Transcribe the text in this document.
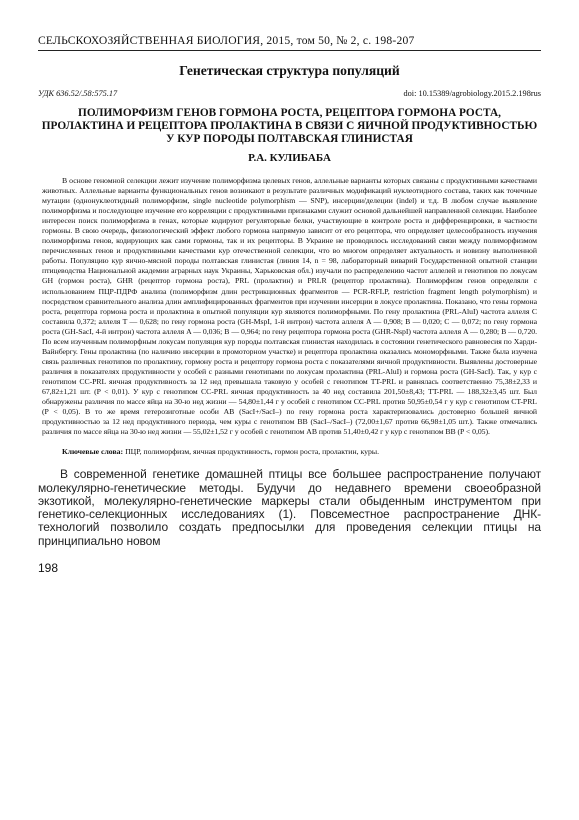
СЕЛЬСКОХОЗЯЙСТВЕННАЯ БИОЛОГИЯ, 2015, том 50, № 2, с. 198-207
Генетическая структура популяций
УДК 636.52/.58:575.17	doi: 10.15389/agrobiology.2015.2.198rus
ПОЛИМОРФИЗМ ГЕНОВ ГОРМОНА РОСТА, РЕЦЕПТОРА ГОРМОНА РОСТА, ПРОЛАКТИНА И РЕЦЕПТОРА ПРОЛАКТИНА В СВЯЗИ С ЯИЧНОЙ ПРОДУКТИВНОСТЬЮ У КУР ПОРОДЫ ПОЛТАВСКАЯ ГЛИНИСТАЯ
Р.А. КУЛИБАБА
В основе геномной селекции лежит изучение полиморфизма целевых генов, аллельные варианты которых связаны с продуктивными качествами животных. Аллельные варианты функциональных генов возникают в результате различных модификаций нуклеотидного состава, таких как точечные мутации (однонуклеотидный полиморфизм, single nucleotide polymorphism — SNP), инсерции/делеции (indel) и т.д. В любом случае выявление полиморфизма и последующее изучение его корреляции с продуктивными признаками служит основой дальнейшей направленной селекции. Наиболее интересен поиск полиморфизма в генах, которые кодируют регуляторные белки, участвующие в контроле роста и дифференцировки, в частности гормоны. В свою очередь, физиологический эффект любого гормона напрямую зависит от его рецептора, что определяет целесообразность изучения полиморфизма генов, кодирующих как сами гормоны, так и их рецепторы. В Украине не проводилось исследований связи между полиморфизмом перечисленных генов и продуктивными качествами кур отечественной селекции, что во многом определяет актуальность и новизну выполненной работы. Популяцию кур яично-мясной породы полтавская глинистая (линия 14, n = 98, лабораторный виварий Государственной опытной станции птицеводства Национальной академии аграрных наук Украины, Харьковская обл.) изучали по распределению частот аллелей и генотипов по локусам GH (гормон роста), GHR (рецептор гормона роста), PRL (пролактин) и PRLR (рецептор пролактина). Полиморфизм генов определяли с использованием ПЦР-ПДРФ анализа (полиморфизм длин рестрикционных фрагментов — PCR-RFLP, restriction fragment length polymorphism) и посредством сравнительного анализа длин амплифицированных фрагментов при изучении инсерции в локусе пролактина. Показано, что гены гормона роста, рецептора гормона роста и пролактина в опытной популяции кур являются полиморфными. По гену пролактина (PRL-AluI) частота аллеля C составила 0,372; аллеля T — 0,628; по гену гормона роста (GH-MspI, 1-й интрон) частота аллеля A — 0,908; B — 0,020; C — 0,072; по гену гормона роста (GH-SacI, 4-й интрон) частота аллеля A — 0,036; B — 0,964; по гену рецептора гормона роста (GHR-NspI) частота аллеля A — 0,280; B — 0,720. По всем изученным полиморфным локусам популяция кур породы полтавская глинистая находилась в состоянии генетического равновесия по Харди-Вайнбергу. Гены пролактина (по наличию инсерции в промоторном участке) и рецептора пролактина оказались мономорфными. Также была изучена связь различных генотипов по пролактину, гормону роста и рецептору гормона роста с показателями яичной продуктивности. Выявлены достоверные различия в показателях продуктивности у особей с разными генотипами по локусам пролактина (PRL-AluI) и гормона роста (GH-SacI). Так, у кур с генотипом CC-PRL яичная продуктивность за 12 нед превышала таковую у особей с генотипом TT-PRL и равнялась соответственно 75,38±2,33 и 67,82±1,21 шт. (P < 0,01). У кур с генотипом CC-PRL яичная продуктивность за 40 нед составила 201,50±8,43; TT-PRL — 188,32±3,45 шт. Был обнаружены различия по массе яйца на 30-ю нед жизни — 54,80±1,44 г у особей с генотипом CC-PRL против 50,95±0,54 г у кур с генотипом CT-PRL (P < 0,05). В то же время гетерозиготные особи AB (SacI+/SacI–) по гену гормона роста характеризовались достоверно большей яичной продуктивностью за 12 нед продуктивного периода, чем куры с генотипом BB (SacI–/SacI–) (72,00±1,67 против 66,98±1,05 шт.). Также отмечались различия по массе яйца на 30-ю нед жизни — 55,02±1,52 г у особей с генотипом AB против 51,40±0,42 г у кур с генотипом BB (P < 0,05).
Ключевые слова: ПЦР, полиморфизм, яичная продуктивность, гормон роста, пролактин, куры.
В современной генетике домашней птицы все большее распространение получают молекулярно-генетические методы. Будучи до недавнего времени своеобразной экзотикой, молекулярно-генетические маркеры стали обыденным инструментом при генетико-селекционных исследованиях (1). Повсеместное распространение ДНК-технологий позволило создать предпосылки для проведения селекции птицы на принципиально новом
198
